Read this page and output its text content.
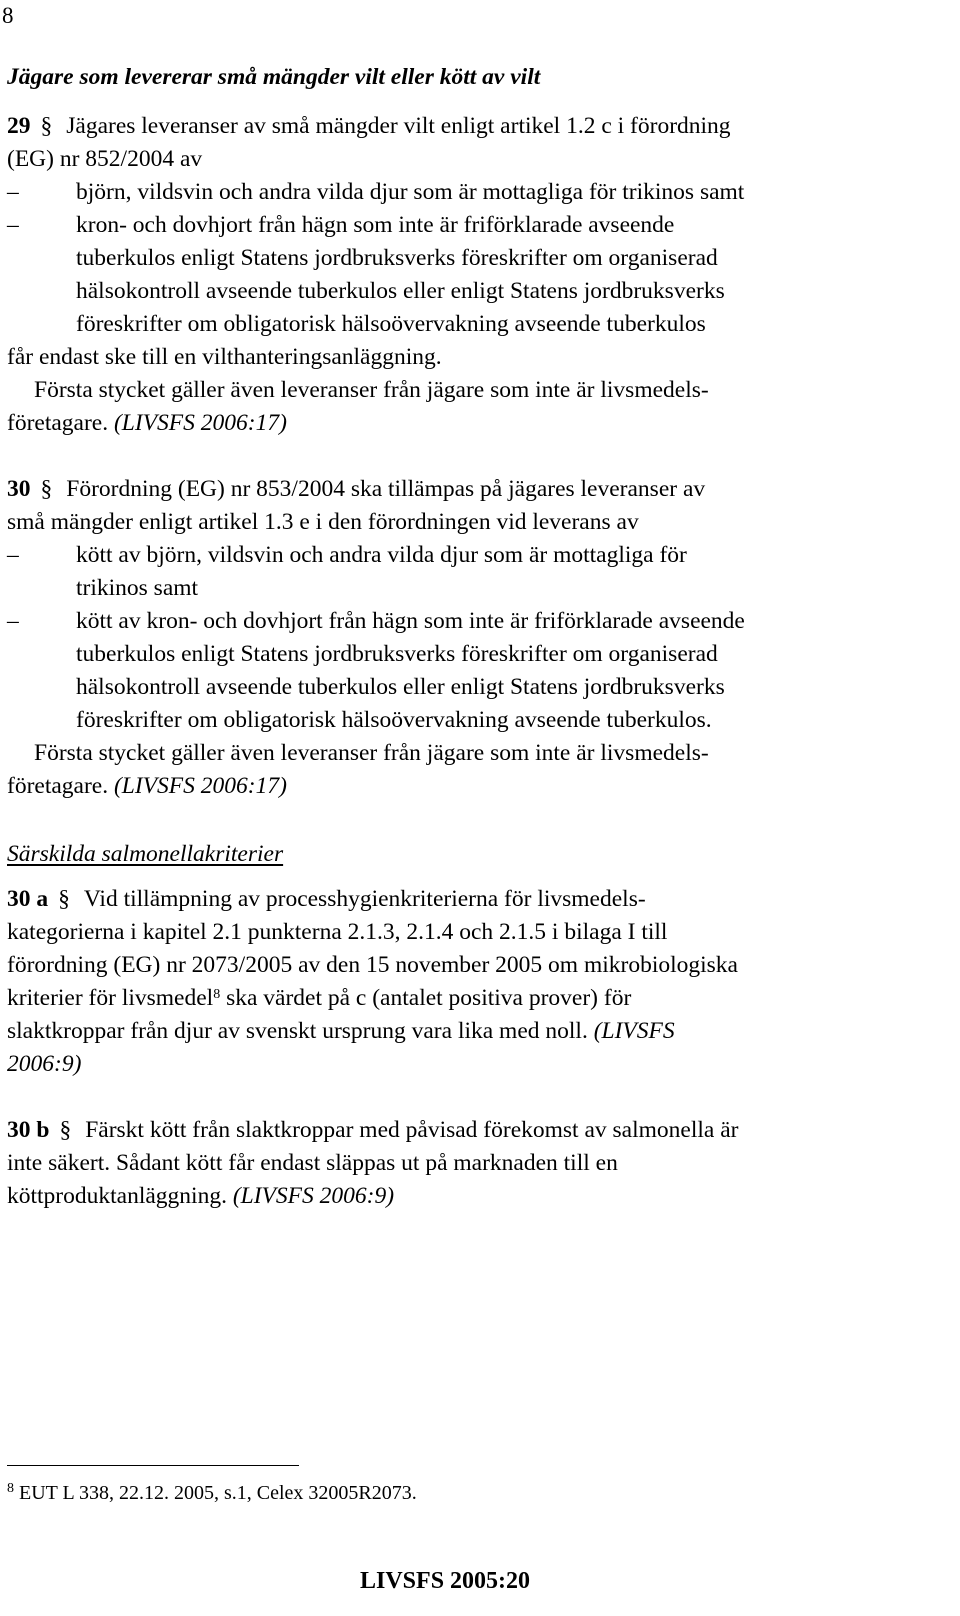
8
Jägare som levererar små mängder vilt eller kött av vilt
29 § Jägares leveranser av små mängder vilt enligt artikel 1.2 c i förordning
(EG) nr 852/2004 av
– björn, vildsvin och andra vilda djur som är mottagliga för trikinos samt
– kron- och dovhjort från hägn som inte är friförklarade avseende
tuberkulos enligt Statens jordbruksverks föreskrifter om organiserad
hälsokontroll avseende tuberkulos eller enligt Statens jordbruksverks
föreskrifter om obligatorisk hälsoövervakning avseende tuberkulos
får endast ske till en vilthanteringsanläggning.
Första stycket gäller även leveranser från jägare som inte är livsmedels-
företagare. (LIVSFS 2006:17)
30 § Förordning (EG) nr 853/2004 ska tillämpas på jägares leveranser av
små mängder enligt artikel 1.3 e i den förordningen vid leverans av
– kött av björn, vildsvin och andra vilda djur som är mottagliga för
trikinos samt
– kött av kron- och dovhjort från hägn som inte är friförklarade avseende
tuberkulos enligt Statens jordbruksverks föreskrifter om organiserad
hälsokontroll avseende tuberkulos eller enligt Statens jordbruksverks
föreskrifter om obligatorisk hälsoövervakning avseende tuberkulos.
Första stycket gäller även leveranser från jägare som inte är livsmedels-
företagare. (LIVSFS 2006:17)
Särskilda salmonellakriterier
30 a § Vid tillämpning av processhygienkriterierna för livsmedels-
kategorierna i kapitel 2.1 punkterna 2.1.3, 2.1.4 och 2.1.5 i bilaga I till
förordning (EG) nr 2073/2005 av den 15 november 2005 om mikrobiologiska
kriterier för livsmedel$^8$ ska värdet på c (antalet positiva prover) för
slaktkroppar från djur av svenskt ursprung vara lika med noll. (LIVSFS
2006:9)
30 b § Färskt kött från slaktkroppar med påvisad förekomst av salmonella är
inte säkert. Sådant kött får endast släppas ut på marknaden till en
köttproduktanläggning. (LIVSFS 2006:9)
$^8$ EUT L 338, 22.12. 2005, s.1, Celex 32005R2073.
LIVSFS 2005:20
